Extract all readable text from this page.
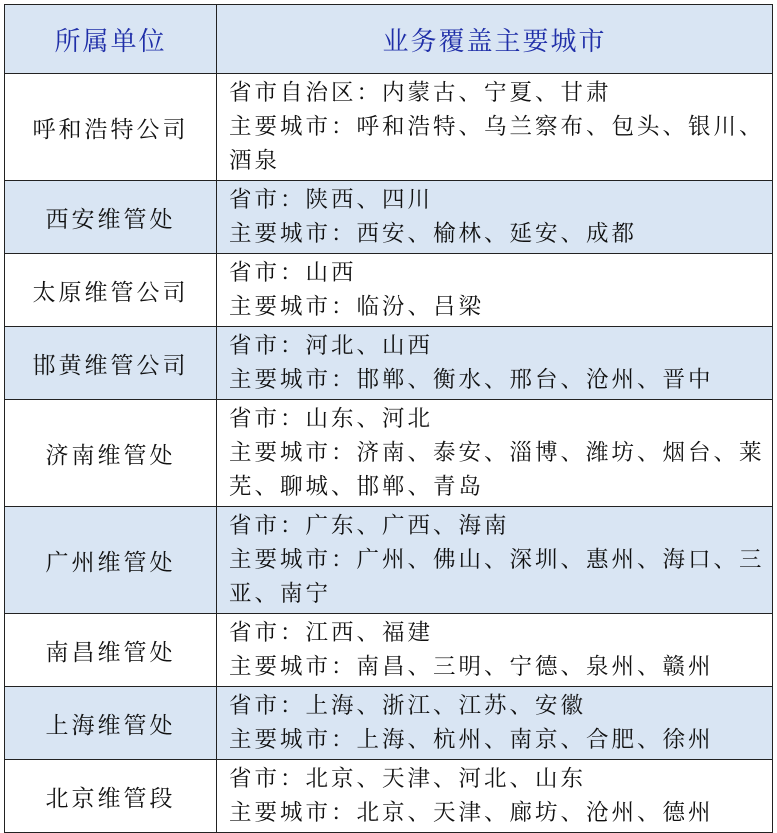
所属单位	业务覆盖主要城市
呼和浩特公司	省市自治区：内蒙古、宁夏、甘肃
主要城市：呼和浩特、乌兰察布、包头、银川、酒泉

西安维管处	省市：陕西、四川
主要城市：西安、榆林、延安、成都

太原维管公司	省市：山西
主要城市：临汾、吕梁

邯黄维管公司	省市：河北、山西
主要城市：邯郸、衡水、邢台、沧州、晋中

济南维管处	省市：山东、河北
主要城市：济南、泰安、淄博、潍坊、烟台、莱芜、聊城、邯郸、青岛

广州维管处	省市：广东、广西、海南
主要城市：广州、佛山、深圳、惠州、海口、三亚、南宁

南昌维管处	省市：江西、福建
主要城市：南昌、三明、宁德、泉州、赣州

上海维管处	省市：上海、浙江、江苏、安徽
主要城市：上海、杭州、南京、合肥、徐州

北京维管段	省市：北京、天津、河北、山东
主要城市：北京、天津、廊坊、沧州、德州
